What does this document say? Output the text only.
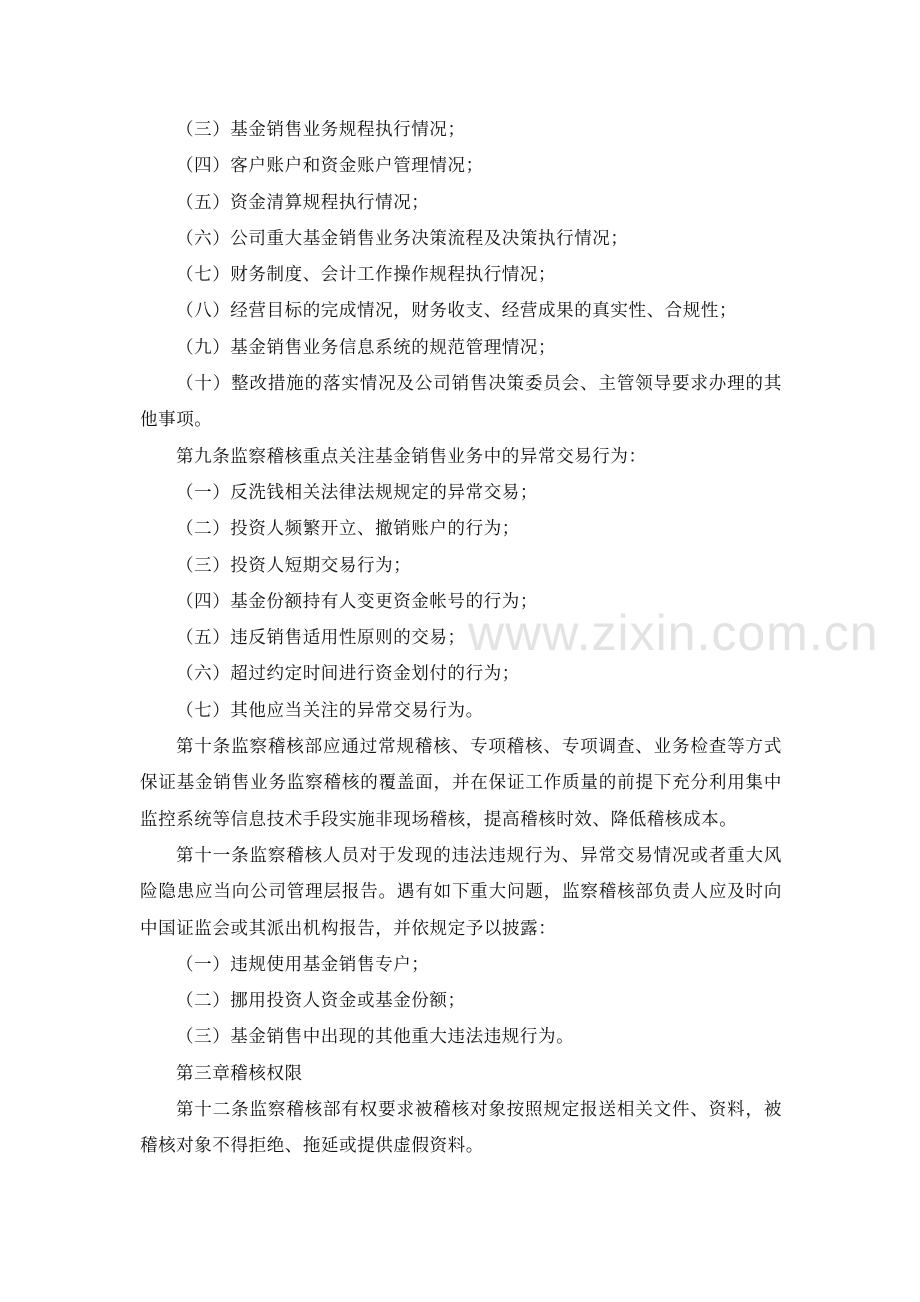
www.zixin.com.cn

（三）基金销售业务规程执行情况；

（四）客户账户和资金账户管理情况；

（五）资金清算规程执行情况；

（六）公司重大基金销售业务决策流程及决策执行情况；

（七）财务制度、会计工作操作规程执行情况；

（八）经营目标的完成情况，财务收支、经营成果的真实性、合规性；

（九）基金销售业务信息系统的规范管理情况；

（十）整改措施的落实情况及公司销售决策委员会、主管领导要求办理的其他事项。

第九条监察稽核重点关注基金销售业务中的异常交易行为：

（一）反洗钱相关法律法规规定的异常交易；

（二）投资人频繁开立、撤销账户的行为；

（三）投资人短期交易行为；

（四）基金份额持有人变更资金帐号的行为；

（五）违反销售适用性原则的交易；

（六）超过约定时间进行资金划付的行为；

（七）其他应当关注的异常交易行为。

第十条监察稽核部应通过常规稽核、专项稽核、专项调查、业务检查等方式保证基金销售业务监察稽核的覆盖面，并在保证工作质量的前提下充分利用集中监控系统等信息技术手段实施非现场稽核，提高稽核时效、降低稽核成本。

第十一条监察稽核人员对于发现的违法违规行为、异常交易情况或者重大风险隐患应当向公司管理层报告。遇有如下重大问题，监察稽核部负责人应及时向中国证监会或其派出机构报告，并依规定予以披露：

（一）违规使用基金销售专户；

（二）挪用投资人资金或基金份额；

（三）基金销售中出现的其他重大违法违规行为。

第三章稽核权限

第十二条监察稽核部有权要求被稽核对象按照规定报送相关文件、资料，被稽核对象不得拒绝、拖延或提供虚假资料。
